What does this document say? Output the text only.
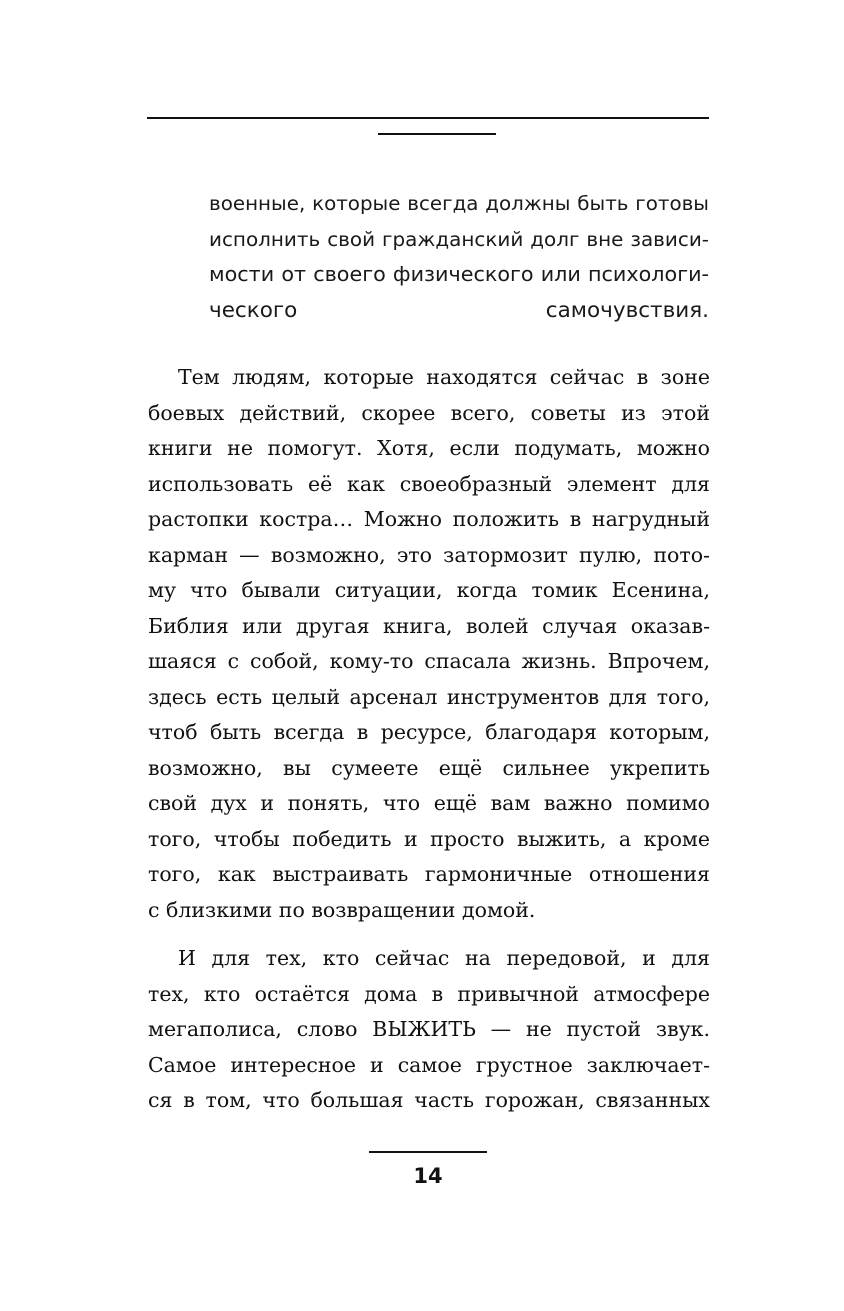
военные, которые всегда должны быть готовы
исполнить свой гражданский долг вне зависи-
мости от своего физического или психологи-
ческого самочувствия.
Тем людям, которые находятся сейчас в зоне
боевых действий, скорее всего, советы из этой
книги не помогут. Хотя, если подумать, можно
использовать её как своеобразный элемент для
растопки костра… Можно положить в нагрудный
карман — возможно, это затормозит пулю, пото-
му что бывали ситуации, когда томик Есенина,
Библия или другая книга, волей случая оказав-
шаяся с собой, кому-то спасала жизнь. Впрочем,
здесь есть целый арсенал инструментов для того,
чтоб быть всегда в ресурсе, благодаря которым,
возможно, вы сумеете ещё сильнее укрепить
свой дух и понять, что ещё вам важно помимо
того, чтобы победить и просто выжить, а кроме
того, как выстраивать гармоничные отношения
с близкими по возвращении домой.
И для тех, кто сейчас на передовой, и для
тех, кто остаётся дома в привычной атмосфере
мегаполиса, слово ВЫЖИТЬ — не пустой звук.
Самое интересное и самое грустное заключает-
ся в том, что большая часть горожан, связанных
14
